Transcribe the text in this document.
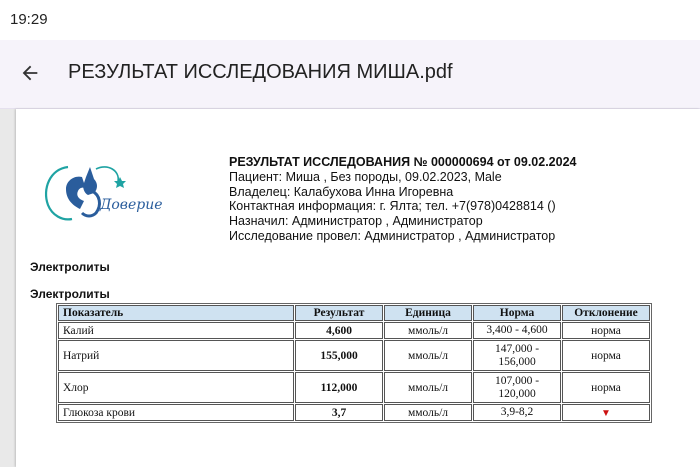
19:29
РЕЗУЛЬТАТ ИССЛЕДОВАНИЯ МИША.pdf
Доверие
РЕЗУЛЬТАТ ИССЛЕДОВАНИЯ № 000000694 от 09.02.2024
Пациент: Миша , Без породы, 09.02.2023, Male
Владелец: Калабухова Инна Игоревна
Контактная информация: г. Ялта; тел. +7(978)0428814 ()
Назначил: Администратор , Администратор
Исследование провел: Администратор , Администратор
Электролиты
Электролиты
Показатель	Результат	Единица	Норма	Отклонение
Калий	4,600	ммоль/л	3,400 - 4,600	норма
Натрий	155,000	ммоль/л	147,000 - 156,000	норма
Хлор	112,000	ммоль/л	107,000 - 120,000	норма
Глюкоза крови	3,7	ммоль/л	3,9-8,2	▼
